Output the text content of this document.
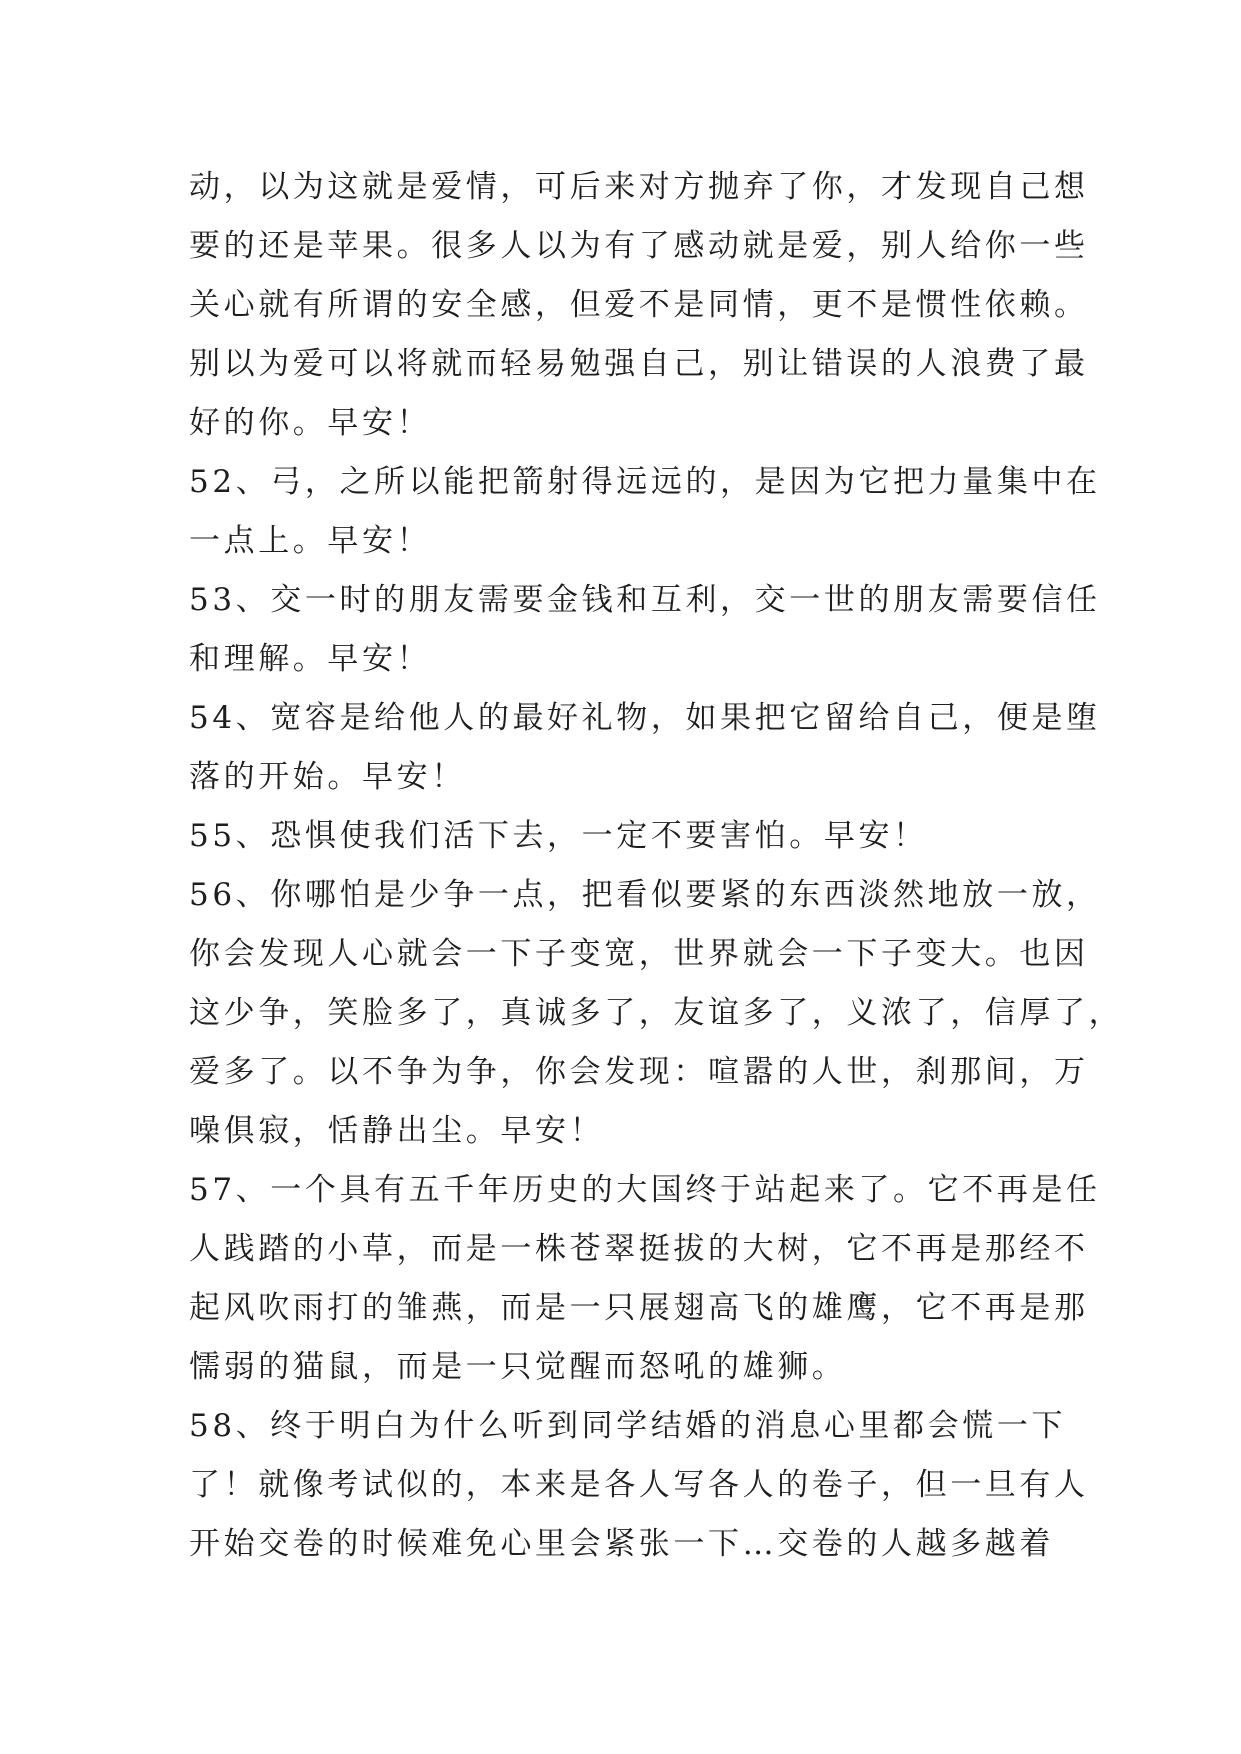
动，以为这就是爱情，可后来对方抛弃了你，才发现自己想
要的还是苹果。很多人以为有了感动就是爱，别人给你一些
关心就有所谓的安全感，但爱不是同情，更不是惯性依赖。
别以为爱可以将就而轻易勉强自己，别让错误的人浪费了最
好的你。早安！
52、弓，之所以能把箭射得远远的，是因为它把力量集中在
一点上。早安！
53、交一时的朋友需要金钱和互利，交一世的朋友需要信任
和理解。早安！
54、宽容是给他人的最好礼物，如果把它留给自己，便是堕
落的开始。早安！
55、恐惧使我们活下去，一定不要害怕。早安！
56、你哪怕是少争一点，把看似要紧的东西淡然地放一放，
你会发现人心就会一下子变宽，世界就会一下子变大。也因
这少争，笑脸多了，真诚多了，友谊多了，义浓了，信厚了，
爱多了。以不争为争，你会发现：喧嚣的人世，刹那间，万
噪俱寂，恬静出尘。早安！
57、一个具有五千年历史的大国终于站起来了。它不再是任
人践踏的小草，而是一株苍翠挺拔的大树，它不再是那经不
起风吹雨打的雏燕，而是一只展翅高飞的雄鹰，它不再是那
懦弱的猫鼠，而是一只觉醒而怒吼的雄狮。
58、终于明白为什么听到同学结婚的消息心里都会慌一下
了！就像考试似的，本来是各人写各人的卷子，但一旦有人
开始交卷的时候难免心里会紧张一下…交卷的人越多越着
